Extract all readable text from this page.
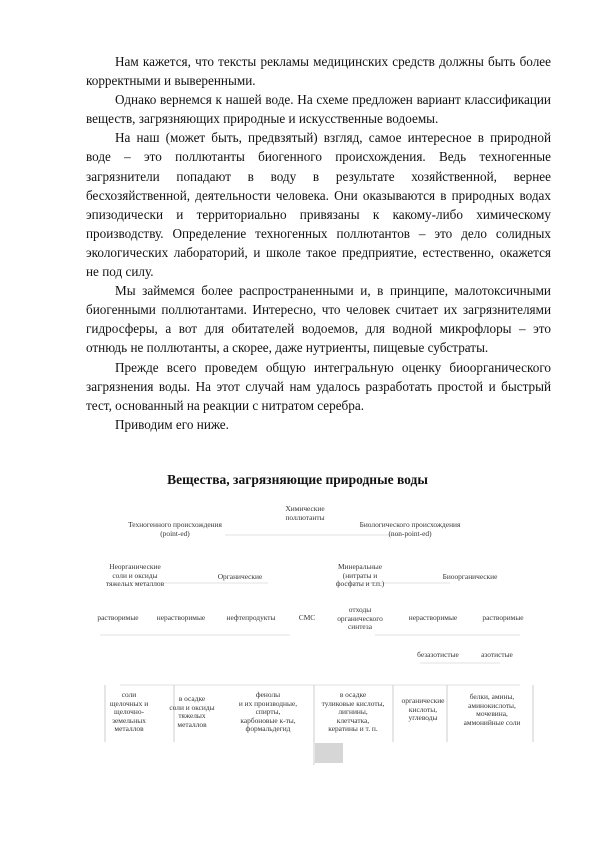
Нам кажется, что тексты рекламы медицинских средств должны быть более корректными и выверенными.

Однако вернемся к нашей воде. На схеме предложен вариант классификации веществ, загрязняющих природные и искусственные водоемы.

На наш (может быть, предвзятый) взгляд, самое интересное в природной воде – это поллютанты биогенного происхождения. Ведь техногенные загрязнители попадают в воду в результате хозяйственной, вернее бесхозяйственной, деятельности человека. Они оказываются в природных водах эпизодически и территориально привязаны к какому-либо химическому производству. Определение техногенных поллютантов – это дело солидных экологических лабораторий, и школе такое предприятие, естественно, окажется не под силу.

Мы займемся более распространенными и, в принципе, малотоксичными биогенными поллютантами. Интересно, что человек считает их загрязнителями гидросферы, а вот для обитателей водоемов, для водной микрофлоры – это отнюдь не поллютанты, а скорее, даже нутриенты, пищевые субстраты.

Прежде всего проведем общую интегральную оценку биоорганического загрязнения воды. На этот случай нам удалось разработать простой и быстрый тест, основанный на реакции с нитратом серебра.

Приводим его ниже.

Вещества, загрязняющие природные воды
Химические
поллютанты
Техногенного происхождения
(point-ed)
Биологического происхождения
(non-point-ed)
Неорганические
соли и оксиды
тяжелых металлов
Органические
Минеральные
(нитраты и
фосфаты и т.п.)
Биоорганические
растворимые	нерастворимые	нефтепродукты	СМС
отходы
органического
синтеза
нерастворимые	растворимые
безазотистые	азотистые
соли
щелочных и
щелочно-
земельных
металлов
в осадке
соли и оксиды
тяжелых
металлов
фенолы
и их производные,
спирты,
карбоновые к-ты,
формальдегид
в осадке
туликовые кислоты,
лигнины,
клетчатка,
кератины и т. п.
органические
кислоты,
углеводы
белки, амины,
аминокислоты,
мочевина,
аммонийные соли
